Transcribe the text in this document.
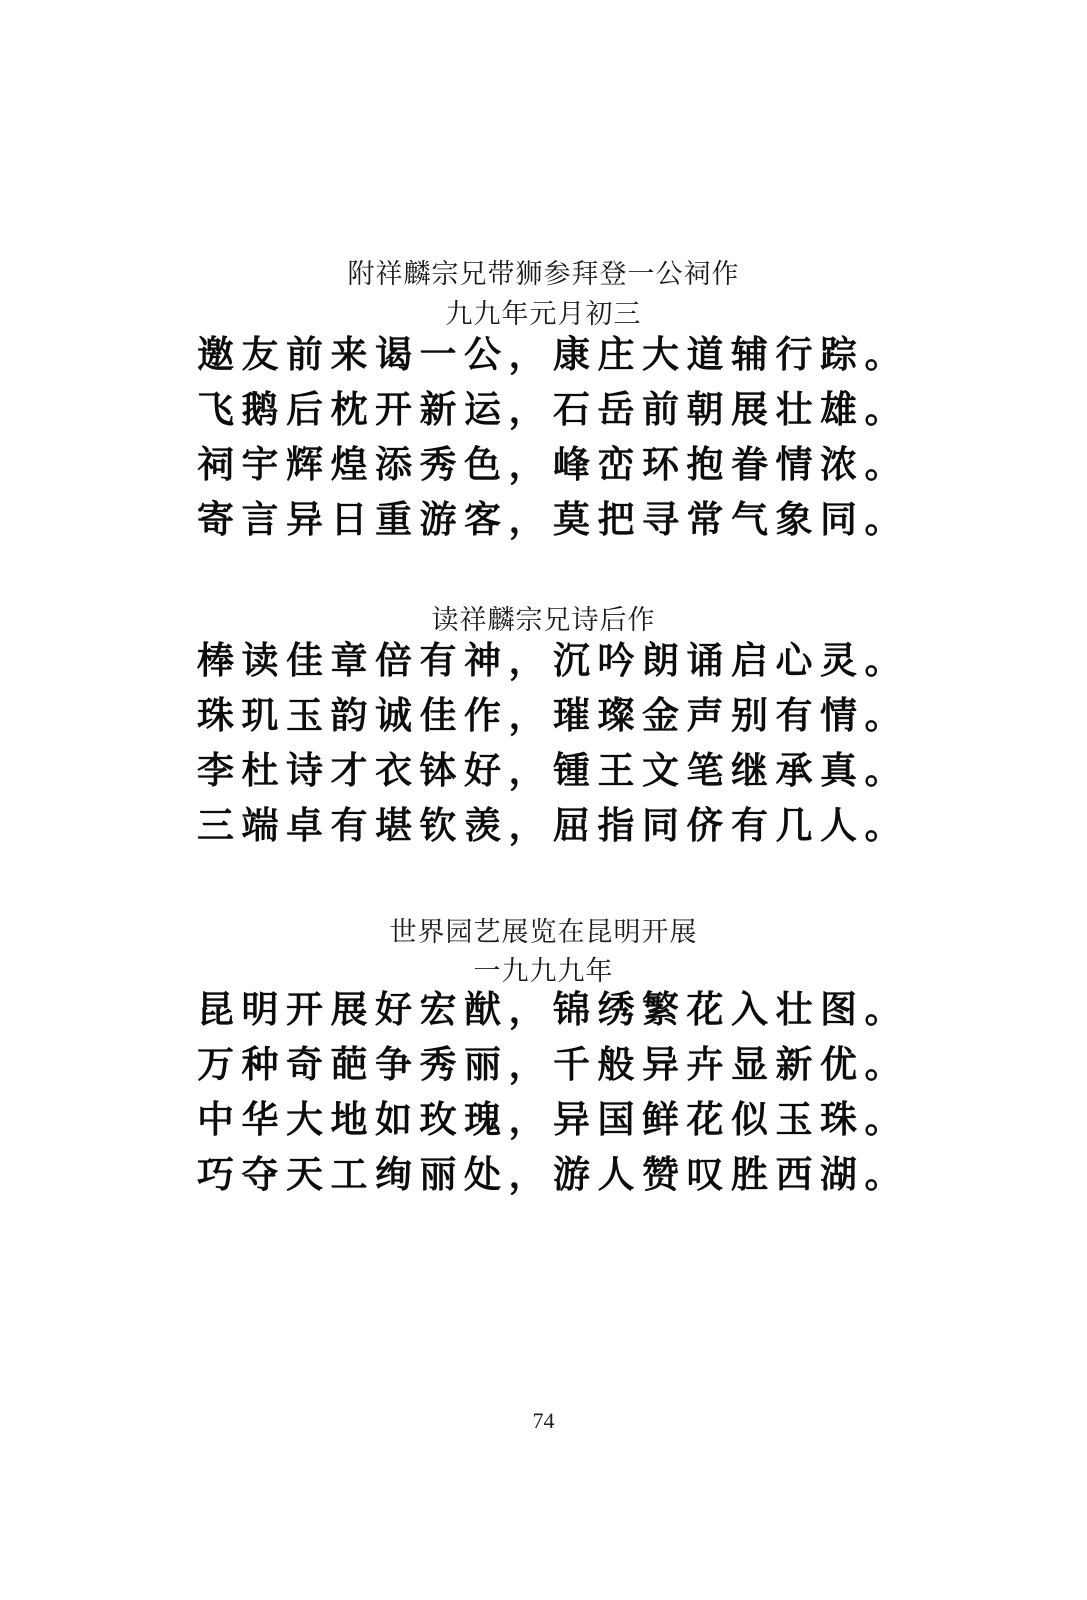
附祥麟宗兄带狮参拜登一公祠作
九九年元月初三
邀友前来谒一公，康庄大道辅行踪。
飞鹅后枕开新运，石岳前朝展壮雄。
祠宇辉煌添秀色，峰峦环抱眷情浓。
寄言异日重游客，莫把寻常气象同。
读祥麟宗兄诗后作
棒读佳章倍有神，沉吟朗诵启心灵。
珠玑玉韵诚佳作，璀璨金声别有情。
李杜诗才衣钵好，锺王文笔继承真。
三端卓有堪钦羡，屈指同侪有几人。
世界园艺展览在昆明开展
一九九九年
昆明开展好宏猷，锦绣繁花入壮图。
万种奇葩争秀丽，千般异卉显新优。
中华大地如玫瑰，异国鲜花似玉珠。
巧夺天工绚丽处，游人赞叹胜西湖。
74
